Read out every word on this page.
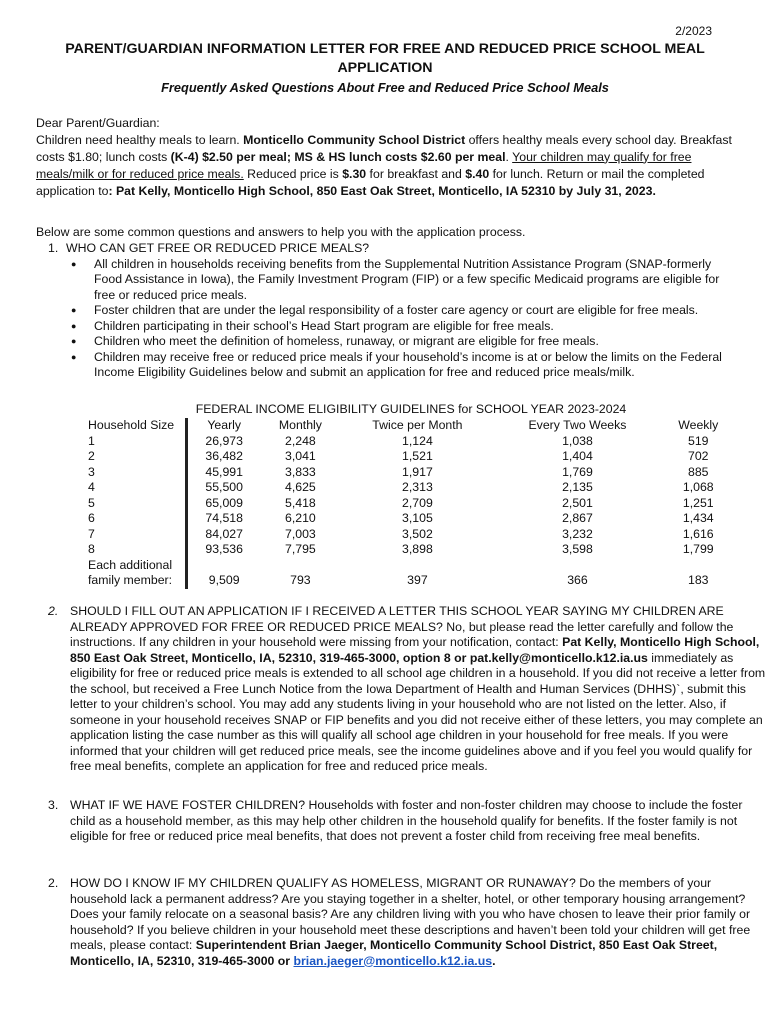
2/2023
PARENT/GUARDIAN INFORMATION LETTER FOR FREE AND REDUCED PRICE SCHOOL MEAL
APPLICATION
Frequently Asked Questions About Free and Reduced Price School Meals
Dear Parent/Guardian:
Children need healthy meals to learn. Monticello Community School District offers healthy meals every school day. Breakfast costs $1.80; lunch costs (K-4) $2.50 per meal; MS & HS lunch costs $2.60 per meal. Your children may qualify for free meals/milk or for reduced price meals. Reduced price is $.30 for breakfast and $.40 for lunch. Return or mail the completed application to: Pat Kelly, Monticello High School, 850 East Oak Street, Monticello, IA 52310 by July 31, 2023.
Below are some common questions and answers to help you with the application process.
1. WHO CAN GET FREE OR REDUCED PRICE MEALS?
● All children in households receiving benefits from the Supplemental Nutrition Assistance Program (SNAP-formerly Food Assistance in Iowa), the Family Investment Program (FIP) or a few specific Medicaid programs are eligible for free or reduced price meals.
● Foster children that are under the legal responsibility of a foster care agency or court are eligible for free meals.
● Children participating in their school’s Head Start program are eligible for free meals.
● Children who meet the definition of homeless, runaway, or migrant are eligible for free meals.
● Children may receive free or reduced price meals if your household’s income is at or below the limits on the Federal Income Eligibility Guidelines below and submit an application for free and reduced price meals/milk.
FEDERAL INCOME ELIGIBILITY GUIDELINES for SCHOOL YEAR 2023-2024
Household Size	Yearly	Monthly	Twice per Month	Every Two Weeks	Weekly
1	26,973	2,248	1,124	1,038	519
2	36,482	3,041	1,521	1,404	702
3	45,991	3,833	1,917	1,769	885
4	55,500	4,625	2,313	2,135	1,068
5	65,009	5,418	2,709	2,501	1,251
6	74,518	6,210	3,105	2,867	1,434
7	84,027	7,003	3,502	3,232	1,616
8	93,536	7,795	3,898	3,598	1,799
Each additional					
family member:	9,509	793	397	366	183
2. SHOULD I FILL OUT AN APPLICATION IF I RECEIVED A LETTER THIS SCHOOL YEAR SAYING MY CHILDREN ARE ALREADY APPROVED FOR FREE OR REDUCED PRICE MEALS? No, but please read the letter carefully and follow the instructions. If any children in your household were missing from your notification, contact: Pat Kelly, Monticello High School, 850 East Oak Street, Monticello, IA, 52310, 319-465-3000, option 8 or pat.kelly@monticello.k12.ia.us immediately as eligibility for free or reduced price meals is extended to all school age children in a household. If you did not receive a letter from the school, but received a Free Lunch Notice from the Iowa Department of Health and Human Services (DHHS)`, submit this letter to your children’s school. You may add any students living in your household who are not listed on the letter. Also, if someone in your household receives SNAP or FIP benefits and you did not receive either of these letters, you may complete an application listing the case number as this will qualify all school age children in your household for free meals. If you were informed that your children will get reduced price meals, see the income guidelines above and if you feel you would qualify for free meal benefits, complete an application for free and reduced price meals.
3. WHAT IF WE HAVE FOSTER CHILDREN? Households with foster and non-foster children may choose to include the foster child as a household member, as this may help other children in the household qualify for benefits. If the foster family is not eligible for free or reduced price meal benefits, that does not prevent a foster child from receiving free meal benefits.
2. HOW DO I KNOW IF MY CHILDREN QUALIFY AS HOMELESS, MIGRANT OR RUNAWAY? Do the members of your household lack a permanent address? Are you staying together in a shelter, hotel, or other temporary housing arrangement? Does your family relocate on a seasonal basis? Are any children living with you who have chosen to leave their prior family or household? If you believe children in your household meet these descriptions and haven’t been told your children will get free meals, please contact: Superintendent Brian Jaeger, Monticello Community School District, 850 East Oak Street, Monticello, IA, 52310, 319-465-3000 or brian.jaeger@monticello.k12.ia.us.
